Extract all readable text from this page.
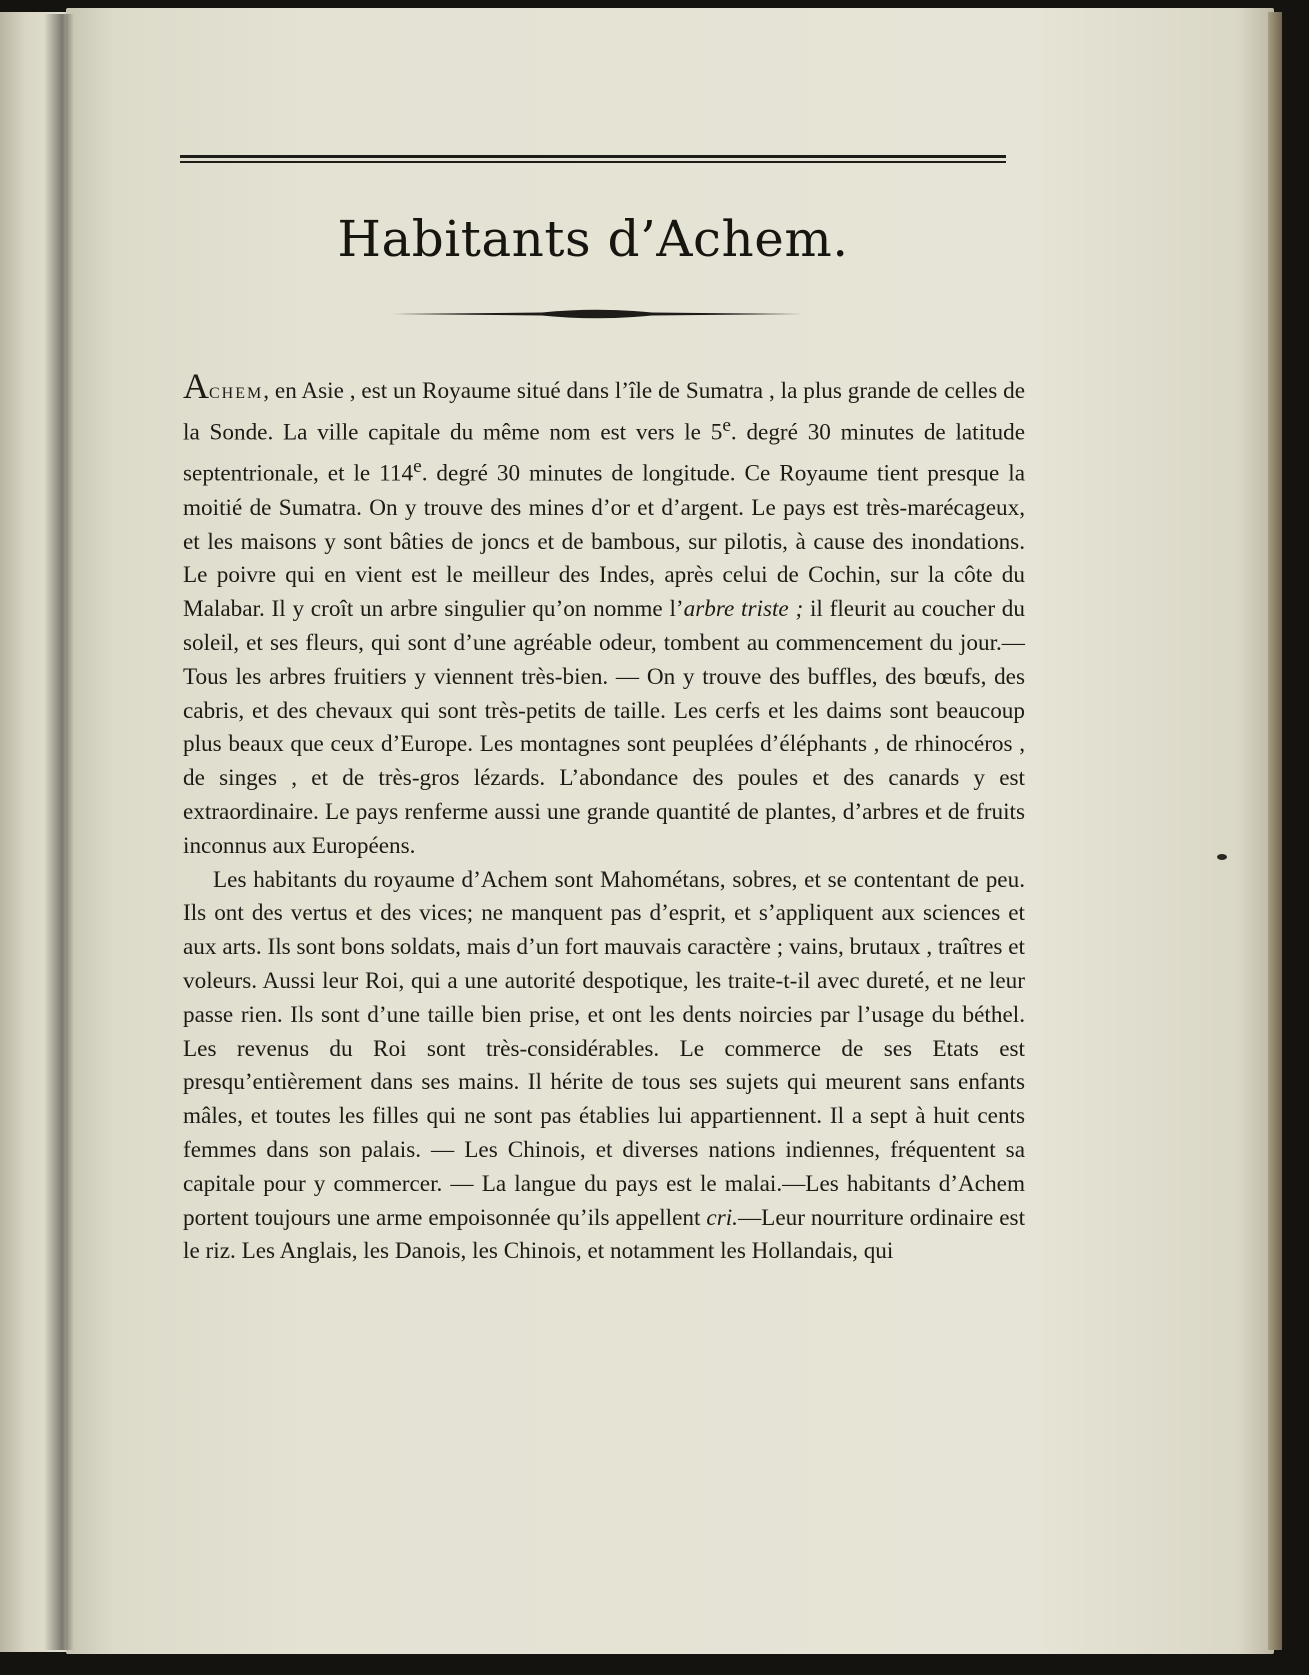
Habitants d’Achem.

Achem, en Asie , est un Royaume situé dans l’île de Sumatra , la plus grande de celles de la Sonde. La ville capitale du même nom est vers le 5e. degré 30 minutes de latitude septentrionale, et le 114e. degré 30 minutes de longitude. Ce Royaume tient presque la moitié de Sumatra. On y trouve des mines d’or et d’argent. Le pays est très-marécageux, et les maisons y sont bâties de joncs et de bambous, sur pilotis, à cause des inondations. Le poivre qui en vient est le meilleur des Indes, après celui de Cochin, sur la côte du Malabar. Il y croît un arbre singulier qu’on nomme l’arbre triste ; il fleurit au coucher du soleil, et ses fleurs, qui sont d’une agréable odeur, tombent au commencement du jour.— Tous les arbres fruitiers y viennent très-bien. — On y trouve des buffles, des bœufs, des cabris, et des chevaux qui sont très-petits de taille. Les cerfs et les daims sont beaucoup plus beaux que ceux d’Europe. Les montagnes sont peuplées d’éléphants , de rhinocéros , de singes , et de très-gros lézards. L’abondance des poules et des canards y est extraordinaire. Le pays renferme aussi une grande quantité de plantes, d’arbres et de fruits inconnus aux Européens.

Les habitants du royaume d’Achem sont Mahométans, sobres, et se contentant de peu. Ils ont des vertus et des vices; ne manquent pas d’esprit, et s’appliquent aux sciences et aux arts. Ils sont bons soldats, mais d’un fort mauvais caractère ; vains, brutaux , traîtres et voleurs. Aussi leur Roi, qui a une autorité despotique, les traite-t-il avec dureté, et ne leur passe rien. Ils sont d’une taille bien prise, et ont les dents noircies par l’usage du béthel. Les revenus du Roi sont très-considérables. Le commerce de ses Etats est presqu’entièrement dans ses mains. Il hérite de tous ses sujets qui meurent sans enfants mâles, et toutes les filles qui ne sont pas établies lui appartiennent. Il a sept à huit cents femmes dans son palais. — Les Chinois, et diverses nations indiennes, fréquentent sa capitale pour y commercer. — La langue du pays est le malai.—Les habitants d’Achem portent toujours une arme empoisonnée qu’ils appellent cri.—Leur nourriture ordinaire est le riz. Les Anglais, les Danois, les Chinois, et notamment les Hollandais, qui
